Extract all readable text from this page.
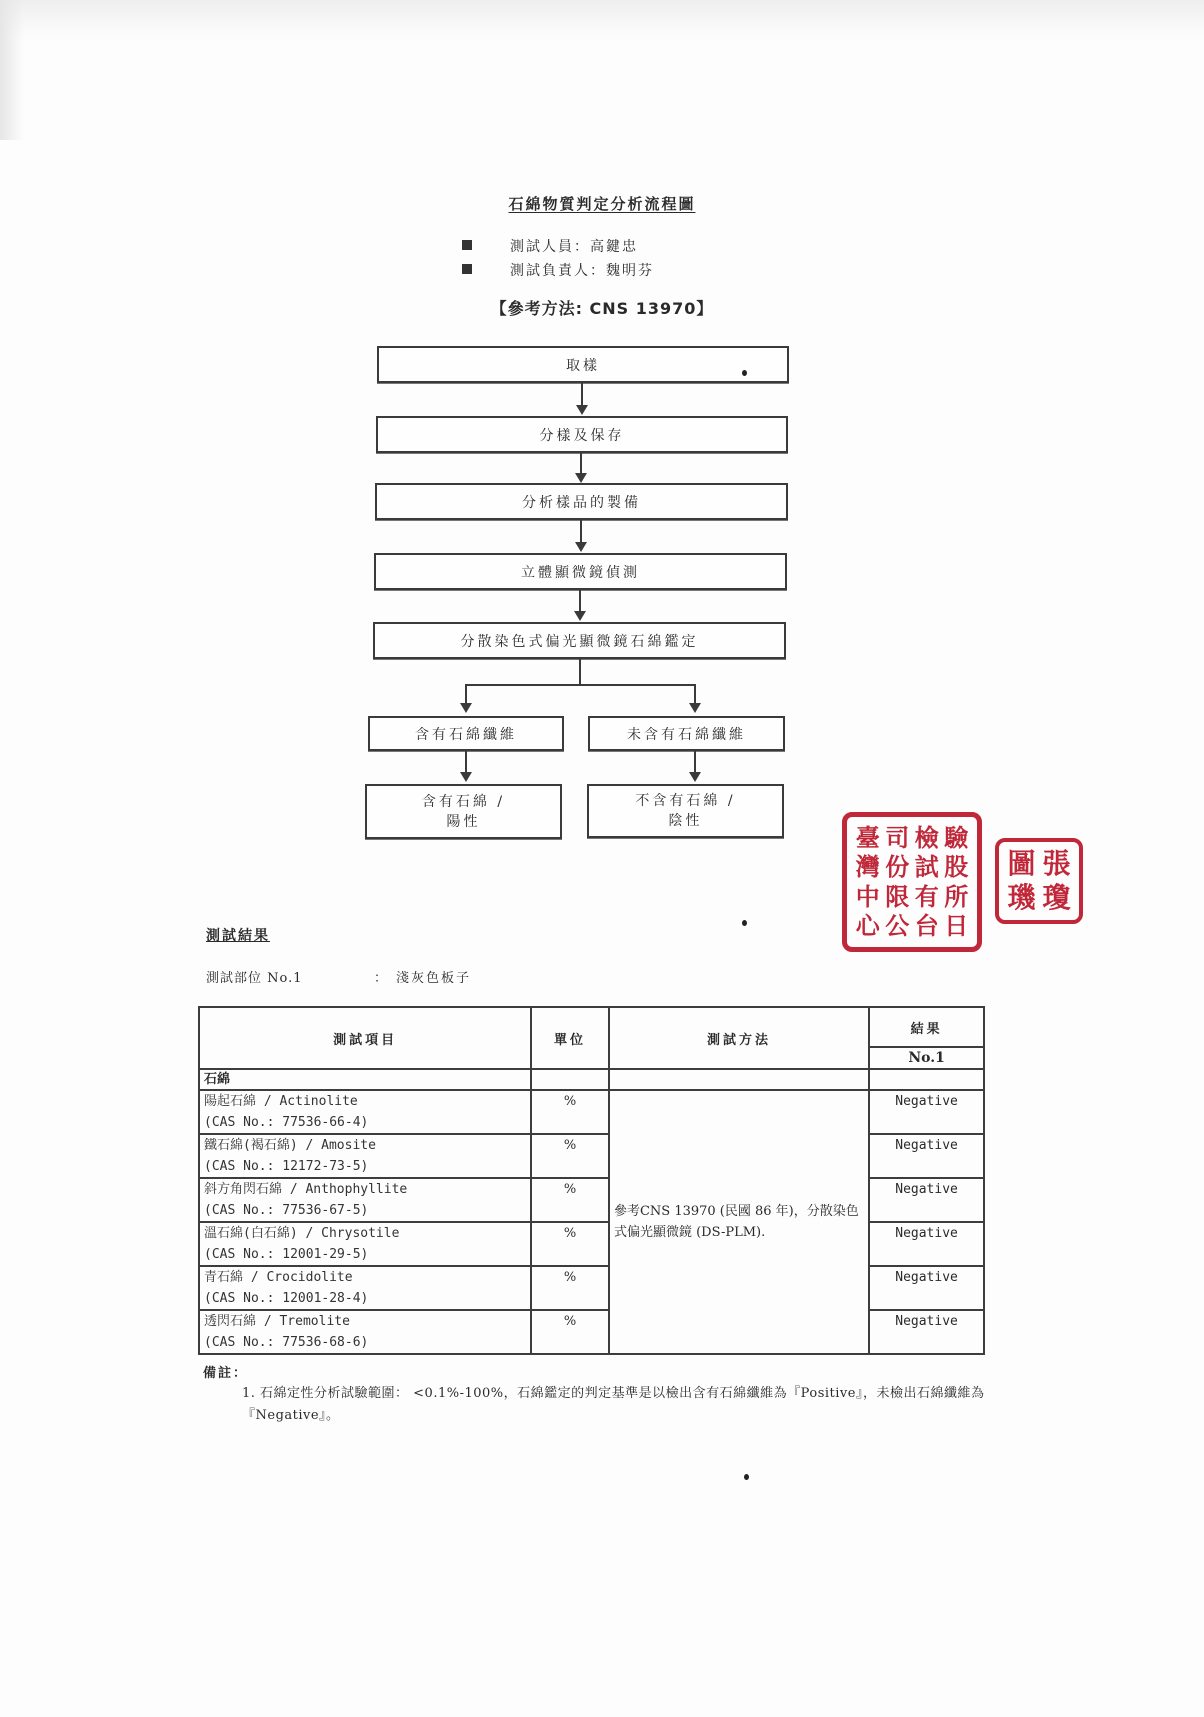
石綿物質判定分析流程圖
測試人員：高鍵忠
測試負責人：魏明芬
【參考方法: CNS 13970】
取樣
分樣及保存
分析樣品的製備
立體顯微鏡偵測
分散染色式偏光顯微鏡石綿鑑定
含有石綿纖維	未含有石綿纖維
含有石綿 /
陽性
不含有石綿 /
陰性
臺 司 檢 驗
灣 份 試 股
中 限 有 所
心 公 台 日
圖 張
璣 瓊
測試結果
測試部位 No.1	： 淺灰色板子
測試項目	單位	測試方法	結果
			No.1
石綿			

陽起石綿 / Actinolite
(CAS No.: 77536-66-4)	%	參考CNS 13970 (民國 86 年)，分散染色式偏光顯微鏡 (DS-PLM).	Negative

鐵石綿(褐石綿) / Amosite
(CAS No.: 12172-73-5)	%		Negative

斜方角閃石綿 / Anthophyllite
(CAS No.: 77536-67-5)	%		Negative

溫石綿(白石綿) / Chrysotile
(CAS No.: 12001-29-5)	%		Negative

青石綿 / Crocidolite
(CAS No.: 12001-28-4)	%		Negative

透閃石綿 / Tremolite
(CAS No.: 77536-68-6)	%		Negative
備註：
1. 石綿定性分析試驗範圍： <0.1%-100%，石綿鑑定的判定基準是以檢出含有石綿纖維為『Positive』，未檢出石綿纖維為『Negative』。
